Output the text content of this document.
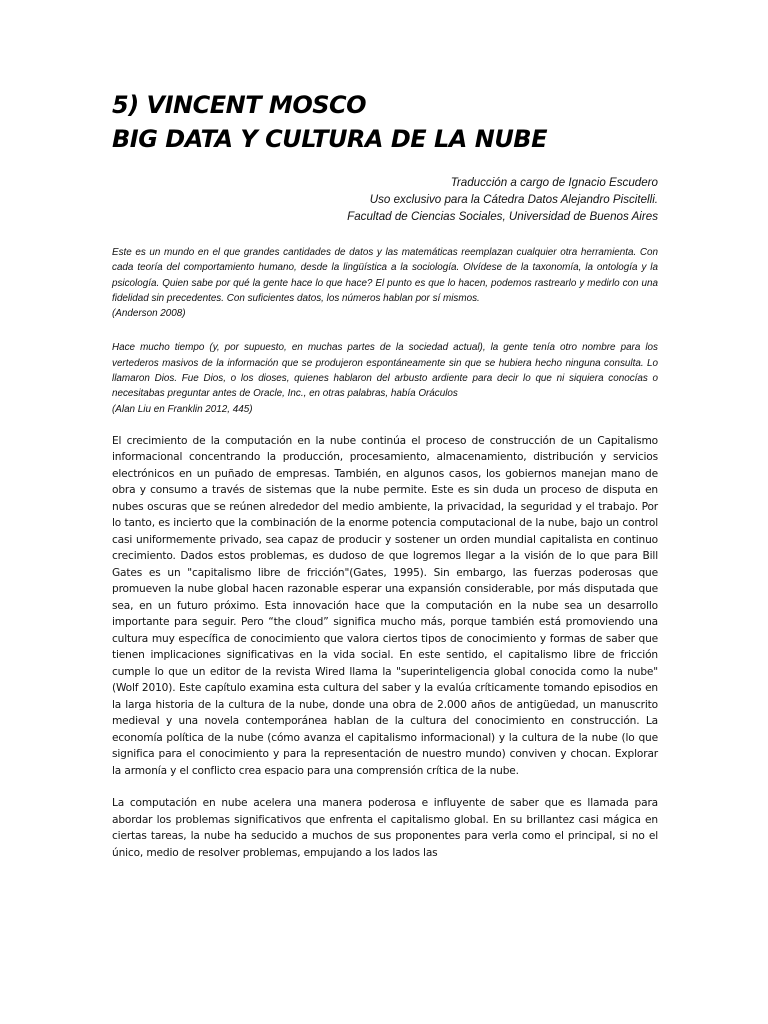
5) VINCENT MOSCO
BIG DATA Y CULTURA DE LA NUBE
Traducción a cargo de Ignacio Escudero
Uso exclusivo para la Cátedra Datos Alejandro Piscitelli.
Facultad de Ciencias Sociales, Universidad de Buenos Aires

Este es un mundo en el que grandes cantidades de datos y las matemáticas reemplazan cualquier otra herramienta. Con cada teoría del comportamiento humano, desde la lingüística a la sociología. Olvídese de la taxonomía, la ontología y la psicología. Quien sabe por qué la gente hace lo que hace? El punto es que lo hacen, podemos rastrearlo y medirlo con una fidelidad sin precedentes. Con suficientes datos, los números hablan por sí mismos.

(Anderson 2008)

Hace mucho tiempo (y, por supuesto, en muchas partes de la sociedad actual), la gente tenía otro nombre para los vertederos masivos de la información que se produjeron espontáneamente sin que se hubiera hecho ninguna consulta. Lo llamaron Dios. Fue Dios, o los dioses, quienes hablaron del arbusto ardiente para decir lo que ni siquiera conocías o necesitabas preguntar antes de Oracle, Inc., en otras palabras, había Oráculos

(Alan Liu en Franklin 2012, 445)

El crecimiento de la computación en la nube continúa el proceso de construcción de un Capitalismo informacional concentrando la producción, procesamiento, almacenamiento, distribución y servicios electrónicos en un puñado de empresas. También, en algunos casos, los gobiernos manejan mano de obra y consumo a través de sistemas que la nube permite. Este es sin duda un proceso de disputa en nubes oscuras que se reúnen alrededor del medio ambiente, la privacidad, la seguridad y el trabajo. Por lo tanto, es incierto que la combinación de la enorme potencia computacional de la nube, bajo un control casi uniformemente privado, sea capaz de producir y sostener un orden mundial capitalista en continuo crecimiento. Dados estos problemas, es dudoso de que logremos llegar a la visión de lo que para Bill Gates es un "capitalismo libre de fricción"(Gates, 1995). Sin embargo, las fuerzas poderosas que promueven la nube global hacen razonable esperar una expansión considerable, por más disputada que sea, en un futuro próximo. Esta innovación hace que la computación en la nube sea un desarrollo importante para seguir. Pero “the cloud” significa mucho más, porque también está promoviendo una cultura muy específica de conocimiento que valora ciertos tipos de conocimiento y formas de saber que tienen implicaciones significativas en la vida social. En este sentido, el capitalismo libre de fricción cumple lo que un editor de la revista Wired llama la "superinteligencia global conocida como la nube" (Wolf 2010). Este capítulo examina esta cultura del saber y la evalúa críticamente tomando episodios en la larga historia de la cultura de la nube, donde una obra de 2.000 años de antigüedad, un manuscrito medieval y una novela contemporánea hablan de la cultura del conocimiento en construcción. La economía política de la nube (cómo avanza el capitalismo informacional) y la cultura de la nube (lo que significa para el conocimiento y para la representación de nuestro mundo) conviven y chocan. Explorar la armonía y el conflicto crea espacio para una comprensión crítica de la nube.

La computación en nube acelera una manera poderosa e influyente de saber que es llamada para abordar los problemas significativos que enfrenta el capitalismo global. En su brillantez casi mágica en ciertas tareas, la nube ha seducido a muchos de sus proponentes para verla como el principal, si no el único, medio de resolver problemas, empujando a los lados las
